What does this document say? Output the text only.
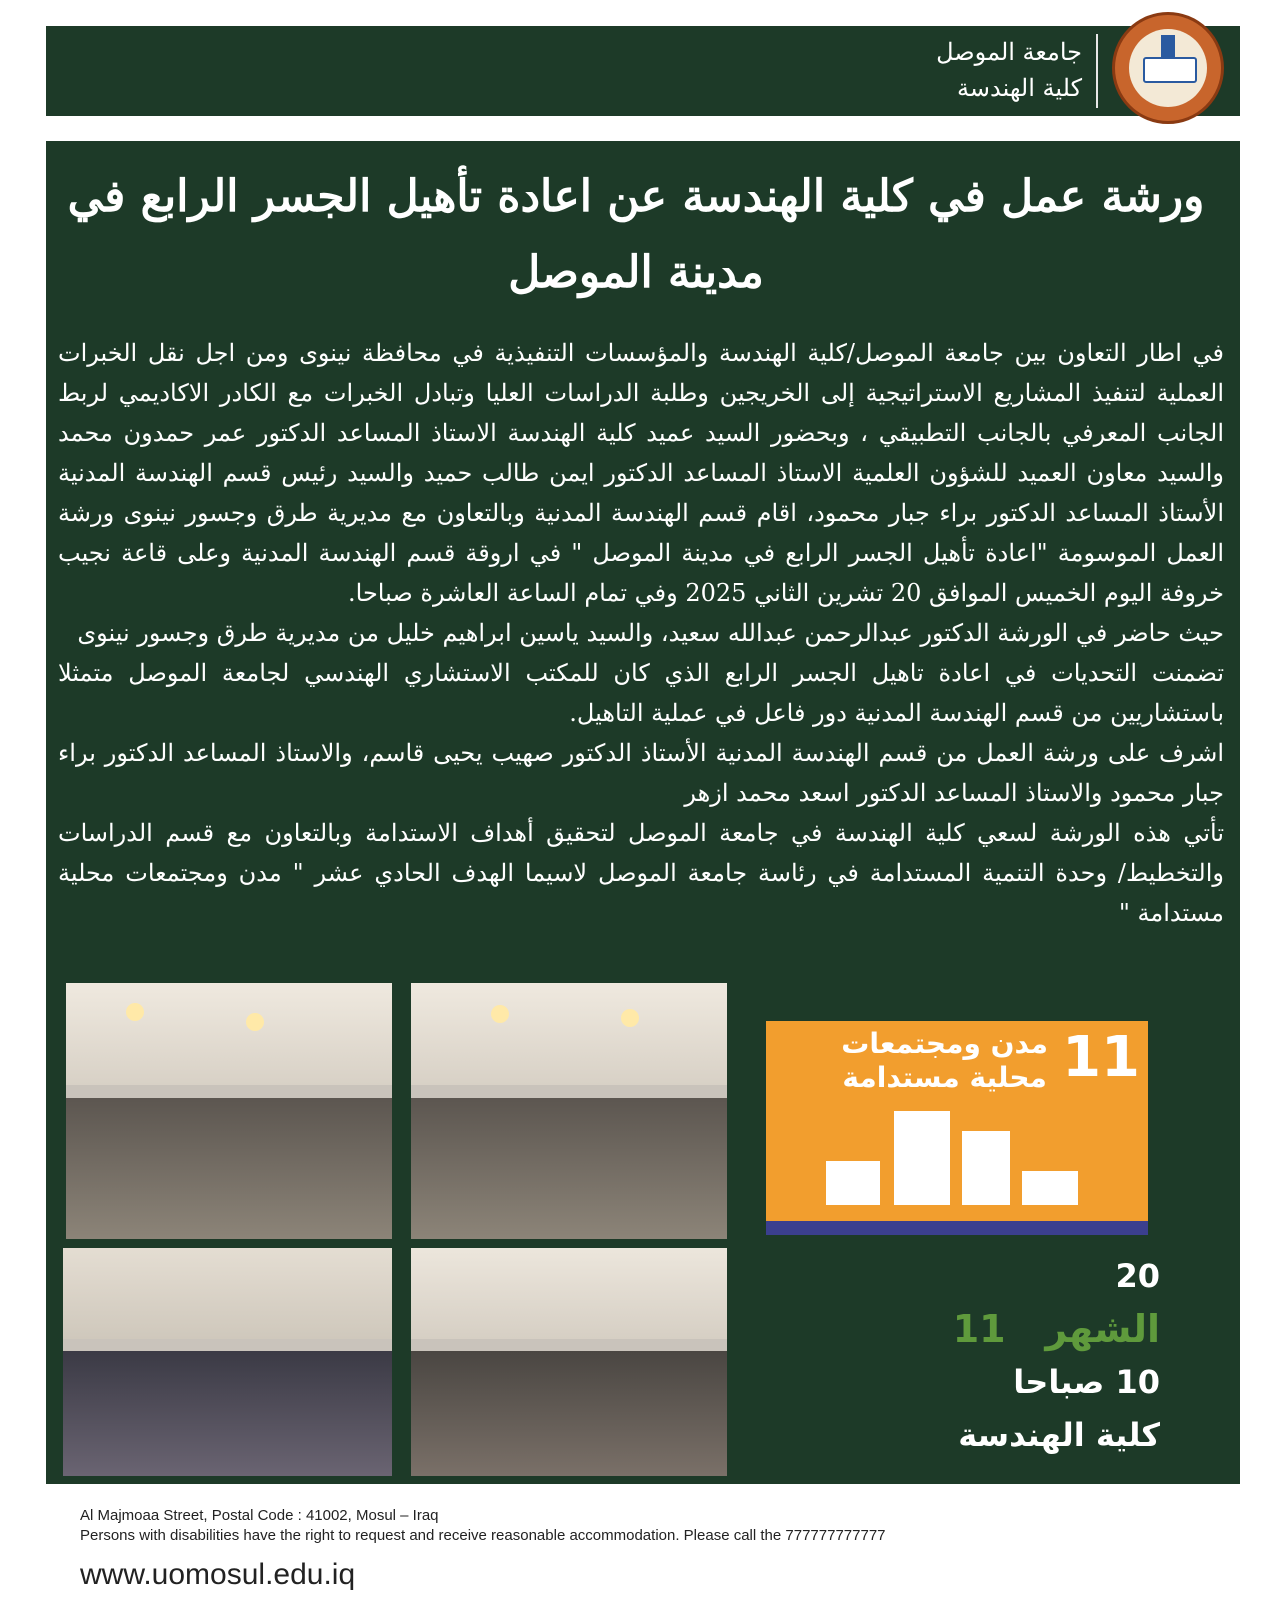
جامعة الموصل
كلية الهندسة
ورشة عمل في كلية الهندسة عن اعادة تأهيل الجسر الرابع في
مدينة الموصل

في اطار التعاون بين جامعة الموصل/كلية الهندسة والمؤسسات التنفيذية في محافظة نينوى ومن اجل نقل الخبرات العملية لتنفيذ المشاريع الاستراتيجية إلى الخريجين وطلبة الدراسات العليا وتبادل الخبرات مع الكادر الاكاديمي لربط الجانب المعرفي بالجانب التطبيقي ، وبحضور السيد عميد كلية الهندسة الاستاذ المساعد الدكتور عمر حمدون محمد والسيد معاون العميد للشؤون العلمية الاستاذ المساعد الدكتور ايمن طالب حميد والسيد رئيس قسم الهندسة المدنية الأستاذ المساعد الدكتور براء جبار محمود، اقام قسم الهندسة المدنية وبالتعاون مع مديرية طرق وجسور نينوى ورشة العمل الموسومة "اعادة تأهيل الجسر الرابع في مدينة الموصل " في اروقة قسم الهندسة المدنية وعلى قاعة نجيب خروفة اليوم الخميس الموافق 20 تشرين الثاني 2025 وفي تمام الساعة العاشرة صباحا.

حيث حاضر في الورشة الدكتور عبدالرحمن عبدالله سعيد، والسيد ياسين ابراهيم خليل من مديرية طرق وجسور نينوى

تضمنت التحديات في اعادة تاهيل الجسر الرابع الذي كان للمكتب الاستشاري الهندسي لجامعة الموصل متمثلا باستشاريين من قسم الهندسة المدنية دور فاعل في عملية التاهيل.

اشرف على ورشة العمل من قسم الهندسة المدنية الأستاذ الدكتور صهيب يحيى قاسم، والاستاذ المساعد الدكتور براء جبار محمود والاستاذ المساعد الدكتور اسعد محمد ازهر

تأتي هذه الورشة لسعي كلية الهندسة في جامعة الموصل لتحقيق أهداف الاستدامة وبالتعاون مع قسم الدراسات والتخطيط/ وحدة التنمية المستدامة في رئاسة جامعة الموصل لاسيما الهدف الحادي عشر " مدن ومجتمعات محلية مستدامة "

11
مدن ومجتمعات
محلية مستدامة
20
الشهر   11
10 صباحا
كلية الهندسة
Al Majmoaa Street, Postal Code : 41002, Mosul – Iraq
Persons with disabilities have the right to request and receive reasonable accommodation. Please call the 777777777777
www.uomosul.edu.iq
